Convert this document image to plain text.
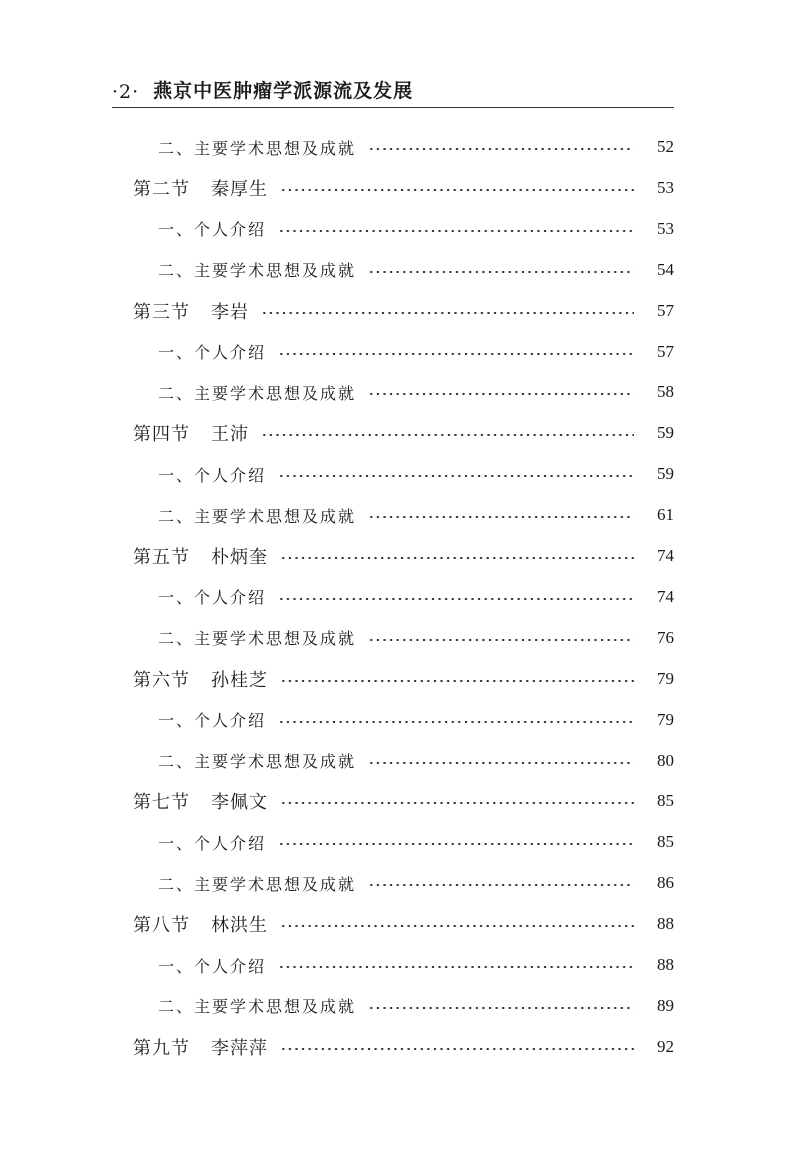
·2· 燕京中医肿瘤学派源流及发展
二、主要学术思想及成就	52
第二节 秦厚生	53
一、个人介绍	53
二、主要学术思想及成就	54
第三节 李岩	57
一、个人介绍	57
二、主要学术思想及成就	58
第四节 王沛	59
一、个人介绍	59
二、主要学术思想及成就	61
第五节 朴炳奎	74
一、个人介绍	74
二、主要学术思想及成就	76
第六节 孙桂芝	79
一、个人介绍	79
二、主要学术思想及成就	80
第七节 李佩文	85
一、个人介绍	85
二、主要学术思想及成就	86
第八节 林洪生	88
一、个人介绍	88
二、主要学术思想及成就	89
第九节 李萍萍	92
